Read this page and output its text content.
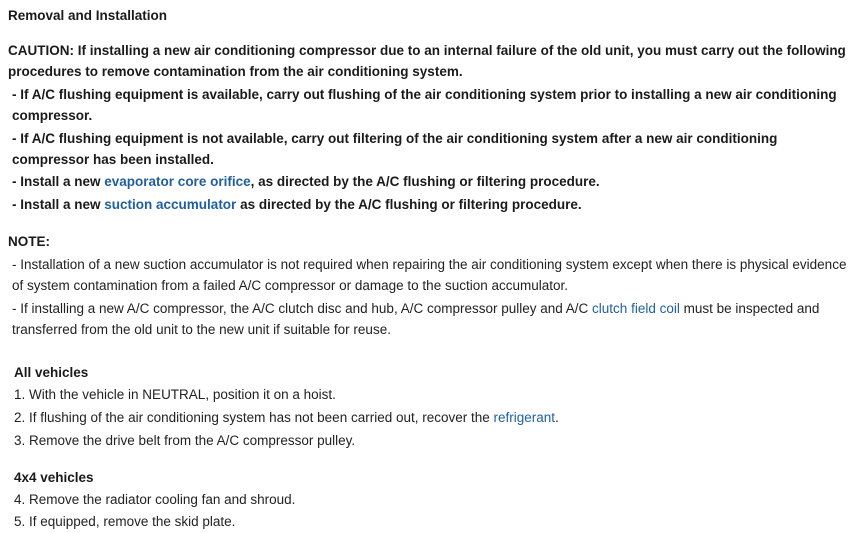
Removal and Installation

CAUTION: If installing a new air conditioning compressor due to an internal failure of the old unit, you must carry out the following procedures to remove contamination from the air conditioning system.

- If A/C flushing equipment is available, carry out flushing of the air conditioning system prior to installing a new air conditioning compressor.

- If A/C flushing equipment is not available, carry out filtering of the air conditioning system after a new air conditioning compressor has been installed.

- Install a new evaporator core orifice, as directed by the A/C flushing or filtering procedure.

- Install a new suction accumulator as directed by the A/C flushing or filtering procedure.

NOTE:

- Installation of a new suction accumulator is not required when repairing the air conditioning system except when there is physical evidence of system contamination from a failed A/C compressor or damage to the suction accumulator.

- If installing a new A/C compressor, the A/C clutch disc and hub, A/C compressor pulley and A/C clutch field coil must be inspected and transferred from the old unit to the new unit if suitable for reuse.

All vehicles

1. With the vehicle in NEUTRAL, position it on a hoist.

2. If flushing of the air conditioning system has not been carried out, recover the refrigerant.

3. Remove the drive belt from the A/C compressor pulley.

4x4 vehicles

4. Remove the radiator cooling fan and shroud.

5. If equipped, remove the skid plate.
